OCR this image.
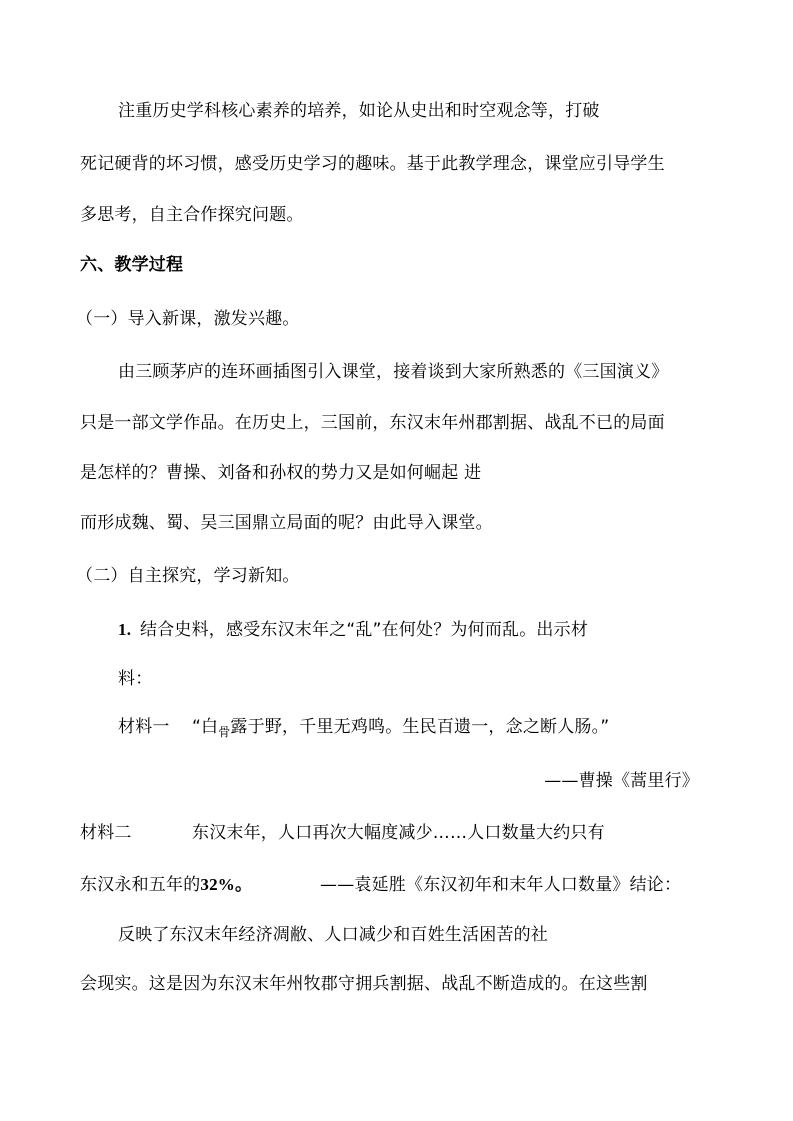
注重历史学科核心素养的培养，如论从史出和时空观念等，打破
死记硬背的坏习惯，感受历史学习的趣味。基于此教学理念，课堂应引导学生
多思考，自主合作探究问题。
六、教学过程
（一）导入新课，激发兴趣。
由三顾茅庐的连环画插图引入课堂，接着谈到大家所熟悉的《三国演义》
只是一部文学作品。在历史上，三国前，东汉末年州郡割据、战乱不已的局面
是怎样的？曹操、刘备和孙权的势力又是如何崛起 进
而形成魏、蜀、吴三国鼎立局面的呢？由此导入课堂。
（二）自主探究，学习新知。
1. 结合史料，感受东汉末年之“乱”在何处？为何而乱。出示材
料：
材料一 “白$_骨$露于野，千里无鸡鸣。生民百遗一，念之断人肠。”
——曹操《蒿里行》
材料二	东汉末年，人口再次大幅度减少……人口数量大约只有
东汉永和五年的32%。	——袁延胜《东汉初年和末年人口数量》结论：
反映了东汉末年经济凋敝、人口减少和百姓生活困苦的社
会现实。这是因为东汉末年州牧郡守拥兵割据、战乱不断造成的。在这些割
